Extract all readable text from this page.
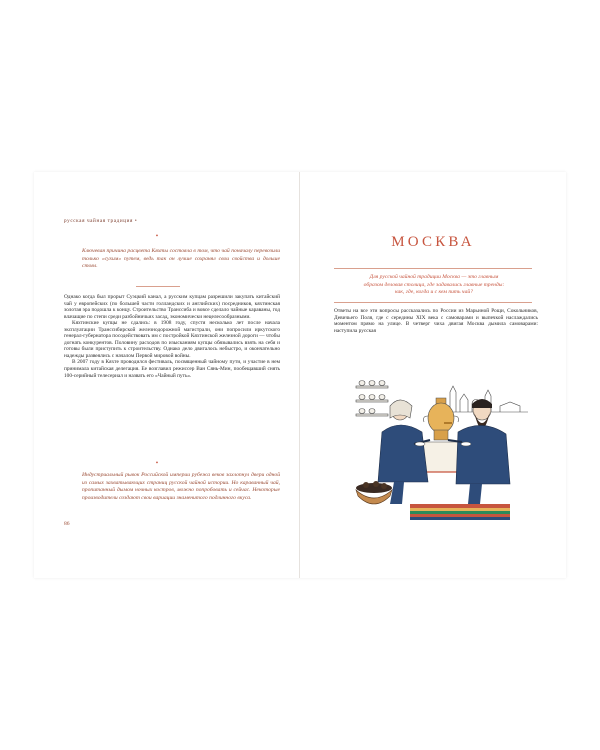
русская чайная традиция •
•
Ключевая причина расцвета Кяхты состояла в том, что чай поначалу перевозили только «сухим» путем, ведь так он лучше сохранял свои свойства и дольше стоял.

Однако когда был прорыт Суэцкий канал, а русским купцам разрешили закупать китайский чай у европейских (по большей части голландских и английских) посредников, кяхтинская золотая эра подошла к концу. Строительство Транссиба и вовсе сделало чайные караваны, год влачащие по степи среди разбойничьих засад, экономически нецелесообразными.

Кяхтинские купцы не сдались: в 1908 году, спустя несколько лет после начала эксплуатации Транссибирской железнодорожной магистрали, они попросили иркутского генерал-губернатора посодействовать им с постройкой Кяхтинской железной дороги — чтобы догнать конкурентов. Половину расходов по изысканиям купцы обязывались взять на себя и готовы были приступить к строительству. Однако дело двигалось небыстро, и окончательно надежды развеялись с началом Первой мировой войны.

В 2007 году в Кяхте проводился фестиваль, посвященный чайному пути, и участие в нем принимала китайская делегация. Ее возглавил режиссер Ван Сянь-Мин, пообещавший снять 100-серийный телесериал и назвать его «Чайный путь».

•
Индустриальный рывок Российской империи рубежа веков захлопнул двери одной из самых захватывающих страниц русской чайной истории. Но караванный чай, пропитанный дымом ночных костров, можно попробовать и сейчас. Некоторые производители создают свои вариации знаменитого подлинного вкуса.
86
МОСКВА
Для русской чайной традиции Москва — это главным образом деловая столица, где задавались главные тренды: как, где, когда и с кем пить чай?

Ответы на все эти вопросы рассказались по России из Марьиной Рощи, Сокольников, Девичьего Поля, где с середины XIX века с самоварами и выпечкой наслаждались моментом прямо на улице. В четверг чиха двигая Москва дымила самоварами: наступила русская
